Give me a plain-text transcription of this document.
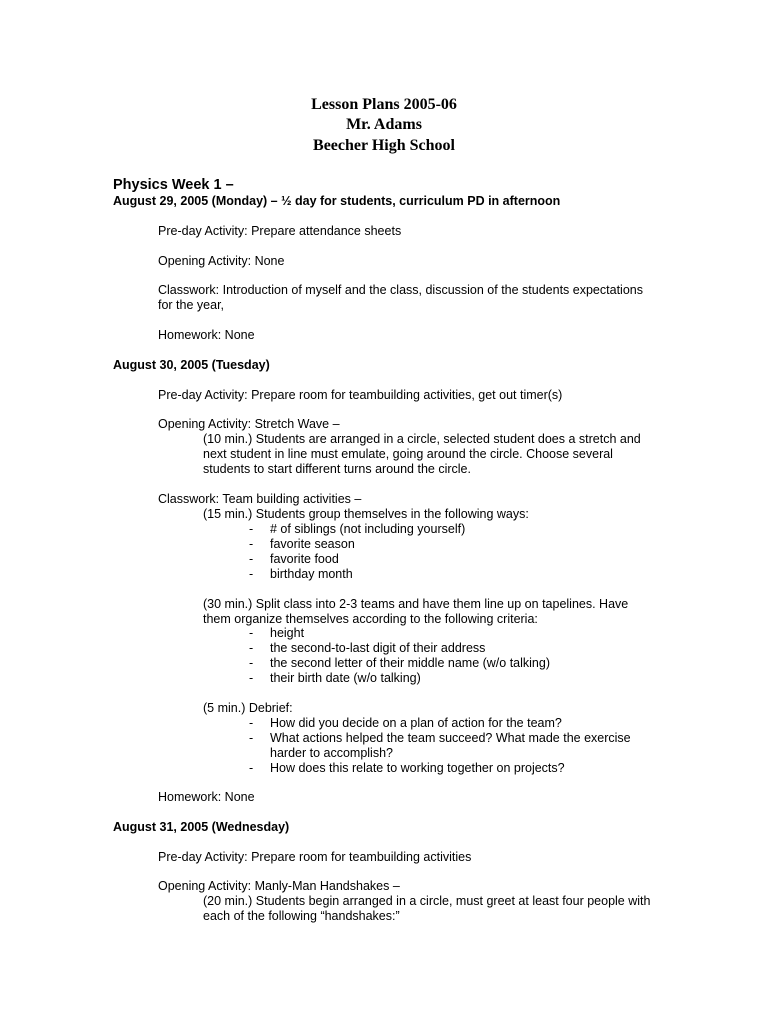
Lesson Plans 2005-06
Mr. Adams
Beecher High School
Physics Week 1 –
August 29, 2005 (Monday) – ½ day for students, curriculum PD in afternoon
Pre-day Activity: Prepare attendance sheets
Opening Activity: None
Classwork: Introduction of myself and the class, discussion of the students expectations
for the year,
Homework: None
August 30, 2005 (Tuesday)
Pre-day Activity: Prepare room for teambuilding activities, get out timer(s)
Opening Activity: Stretch Wave –
(10 min.) Students are arranged in a circle, selected student does a stretch and
next student in line must emulate, going around the circle. Choose several
students to start different turns around the circle.
Classwork: Team building activities –
(15 min.) Students group themselves in the following ways:
- # of siblings (not including yourself)
- favorite season
- favorite food
- birthday month
(30 min.) Split class into 2-3 teams and have them line up on tapelines. Have
them organize themselves according to the following criteria:
- height
- the second-to-last digit of their address
- the second letter of their middle name (w/o talking)
- their birth date (w/o talking)
(5 min.) Debrief:
- How did you decide on a plan of action for the team?
- What actions helped the team succeed? What made the exercise
harder to accomplish?
- How does this relate to working together on projects?
Homework: None
August 31, 2005 (Wednesday)
Pre-day Activity: Prepare room for teambuilding activities
Opening Activity: Manly-Man Handshakes –
(20 min.) Students begin arranged in a circle, must greet at least four people with
each of the following “handshakes:”
